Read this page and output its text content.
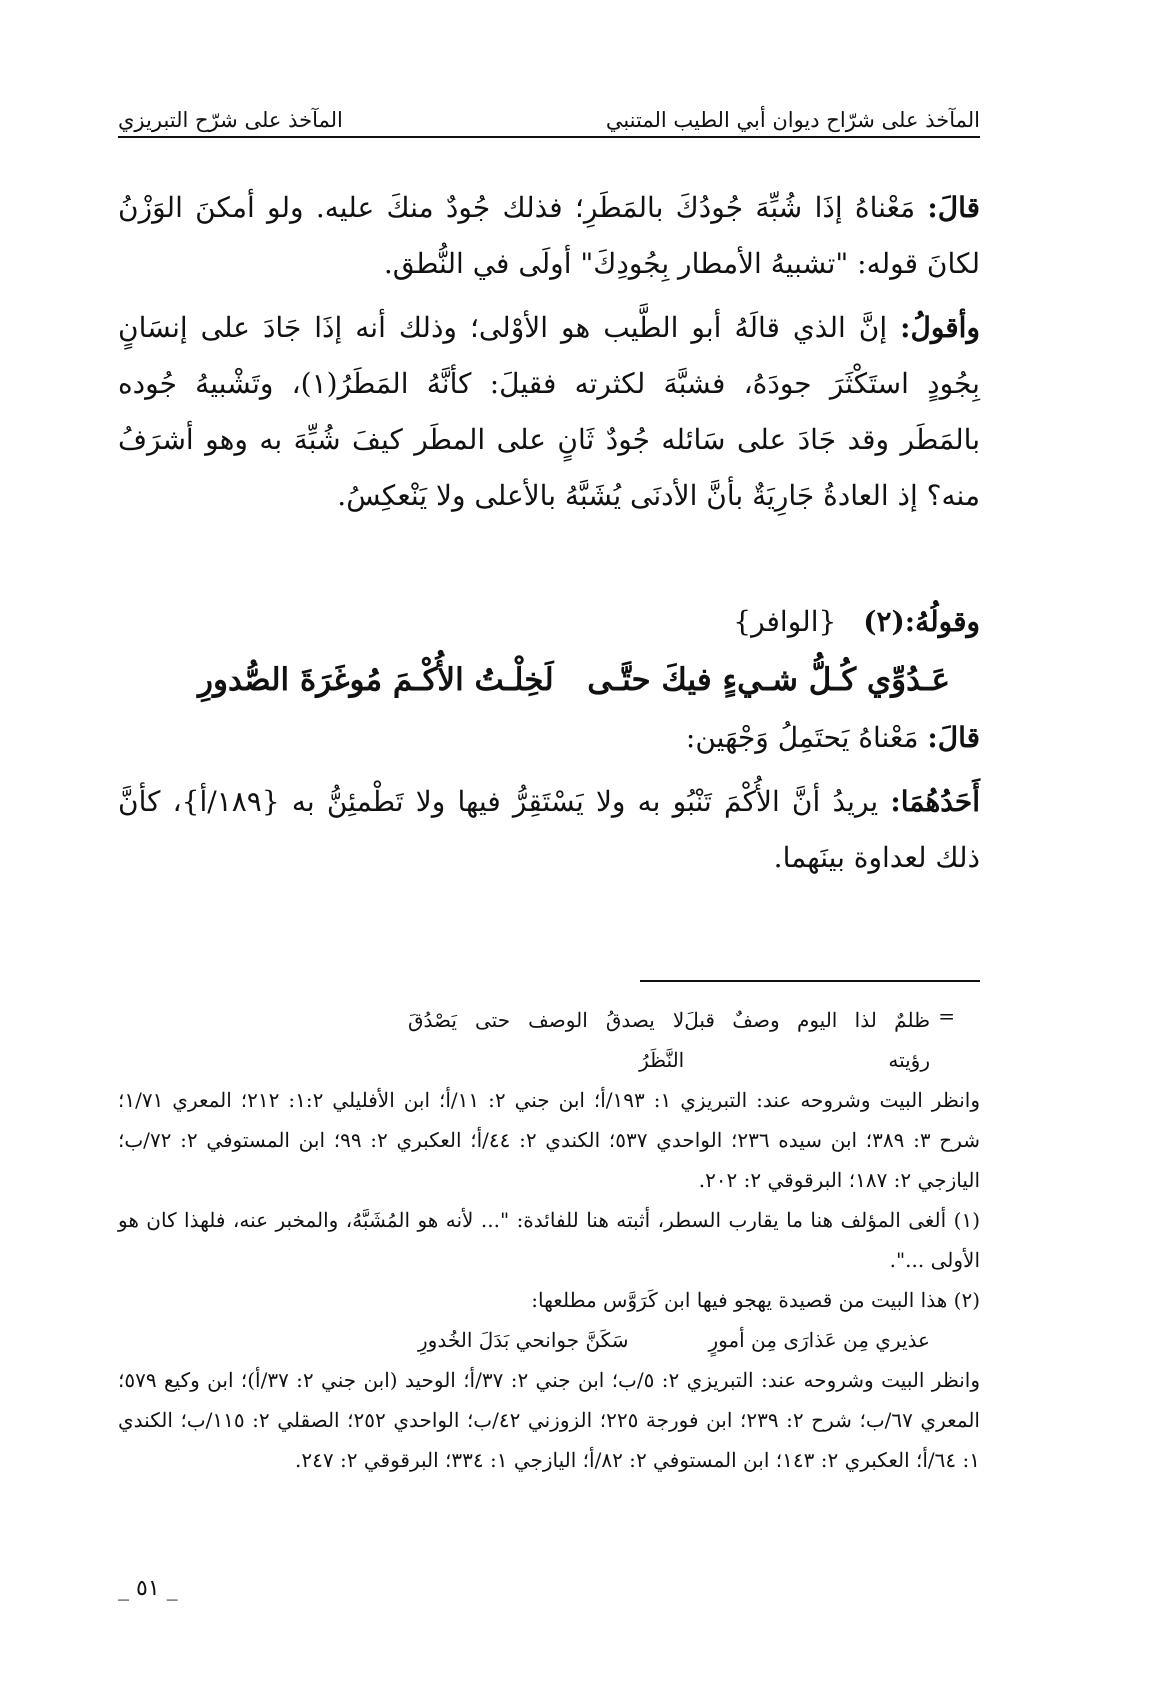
المآخذ على شرّاح ديوان أبي الطيب المتنبي
المآخذ على شرّح التبريزي

قالَ: مَعْناهُ إذَا شُبِّهَ جُودُكَ بالمَطَرِ؛ فذلك جُودٌ منكَ عليه. ولو أمكنَ الوَزْنُ لكانَ قوله: "تشبيهُ الأمطار بِجُودِكَ" أولَى في النُّطق.

وأقولُ: إنَّ الذي قالَهُ أبو الطَّيب هو الأوْلى؛ وذلك أنه إذَا جَادَ على إنسَانٍ بِجُودٍ استَكْثَرَ جودَهُ، فشبَّهَ لكثرته فقيلَ: كأنَّهُ المَطَرُ(١)، وتَشْبيهُ جُوده بالمَطَر وقد جَادَ على سَائله جُودٌ ثَانٍ على المطَر كيفَ شُبِّهَ به وهو أشرَفُ منه؟ إذ العادةُ جَارِيَةٌ بأنَّ الأدنَى يُشَبَّهُ بالأعلى ولا يَنْعكِسُ.

وقولُهُ:(٢) {الوافر}
عَـدُوِّي كُـلُّ شـيءٍ فيكَ حتَّـى
لَخِلْـتُ الأُكْـمَ مُوغَرَةَ الصُّدورِ

قالَ: مَعْناهُ يَحتَمِلُ وَجْهَين:

أَحَدُهُمَا: يريدُ أنَّ الأُكْمَ تَنْبُو به ولا يَسْتَقِرُّ فيها ولا تَطْمئِنُّ به {١٨٩/أ}، كأنَّ ذلك لعداوة بينَهما.

=
ظلمٌ لذا اليوم وصفٌ قبلَ رؤيته
لا يصدقُ الوصف حتى يَصْدُقَ النَّظَرُ

وانظر البيت وشروحه عند: التبريزي ١: ١٩٣/أ؛ ابن جني ٢: ١١/أ؛ ابن الأفليلي ١:٢: ٢١٢؛ المعري ١/٧١؛ شرح ٣: ٣٨٩؛ ابن سيده ٢٣٦؛ الواحدي ٥٣٧؛ الكندي ٢: ٤٤/أ؛ العكبري ٢: ٩٩؛ ابن المستوفي ٢: ٧٢/ب؛ اليازجي ٢: ١٨٧؛ البرقوقي ٢: ٢٠٢.

(١) ألغى المؤلف هنا ما يقارب السطر، أثبته هنا للفائدة: "... لأنه هو المُشَبَّهُ، والمخبر عنه، فلهذا كان هو الأولى ...".

(٢) هذا البيت من قصيدة يهجو فيها ابن كَرَوَّس مطلعها:

عذيري مِن عَذارَى مِن أمورٍ
سَكَنَّ جوانحي بَدَلَ الخُدورِ

وانظر البيت وشروحه عند: التبريزي ٢: ٥/ب؛ ابن جني ٢: ٣٧/أ؛ الوحيد (ابن جني ٢: ٣٧/أ)؛ ابن وكيع ٥٧٩؛ المعري ٦٧/ب؛ شرح ٢: ٢٣٩؛ ابن فورجة ٢٢٥؛ الزوزني ٤٢/ب؛ الواحدي ٢٥٢؛ الصقلي ٢: ١١٥/ب؛ الكندي ١: ٦٤/أ؛ العكبري ٢: ١٤٣؛ ابن المستوفي ٢: ٨٢/أ؛ اليازجي ١: ٣٣٤؛ البرقوقي ٢: ٢٤٧.

_ ٥١ _
